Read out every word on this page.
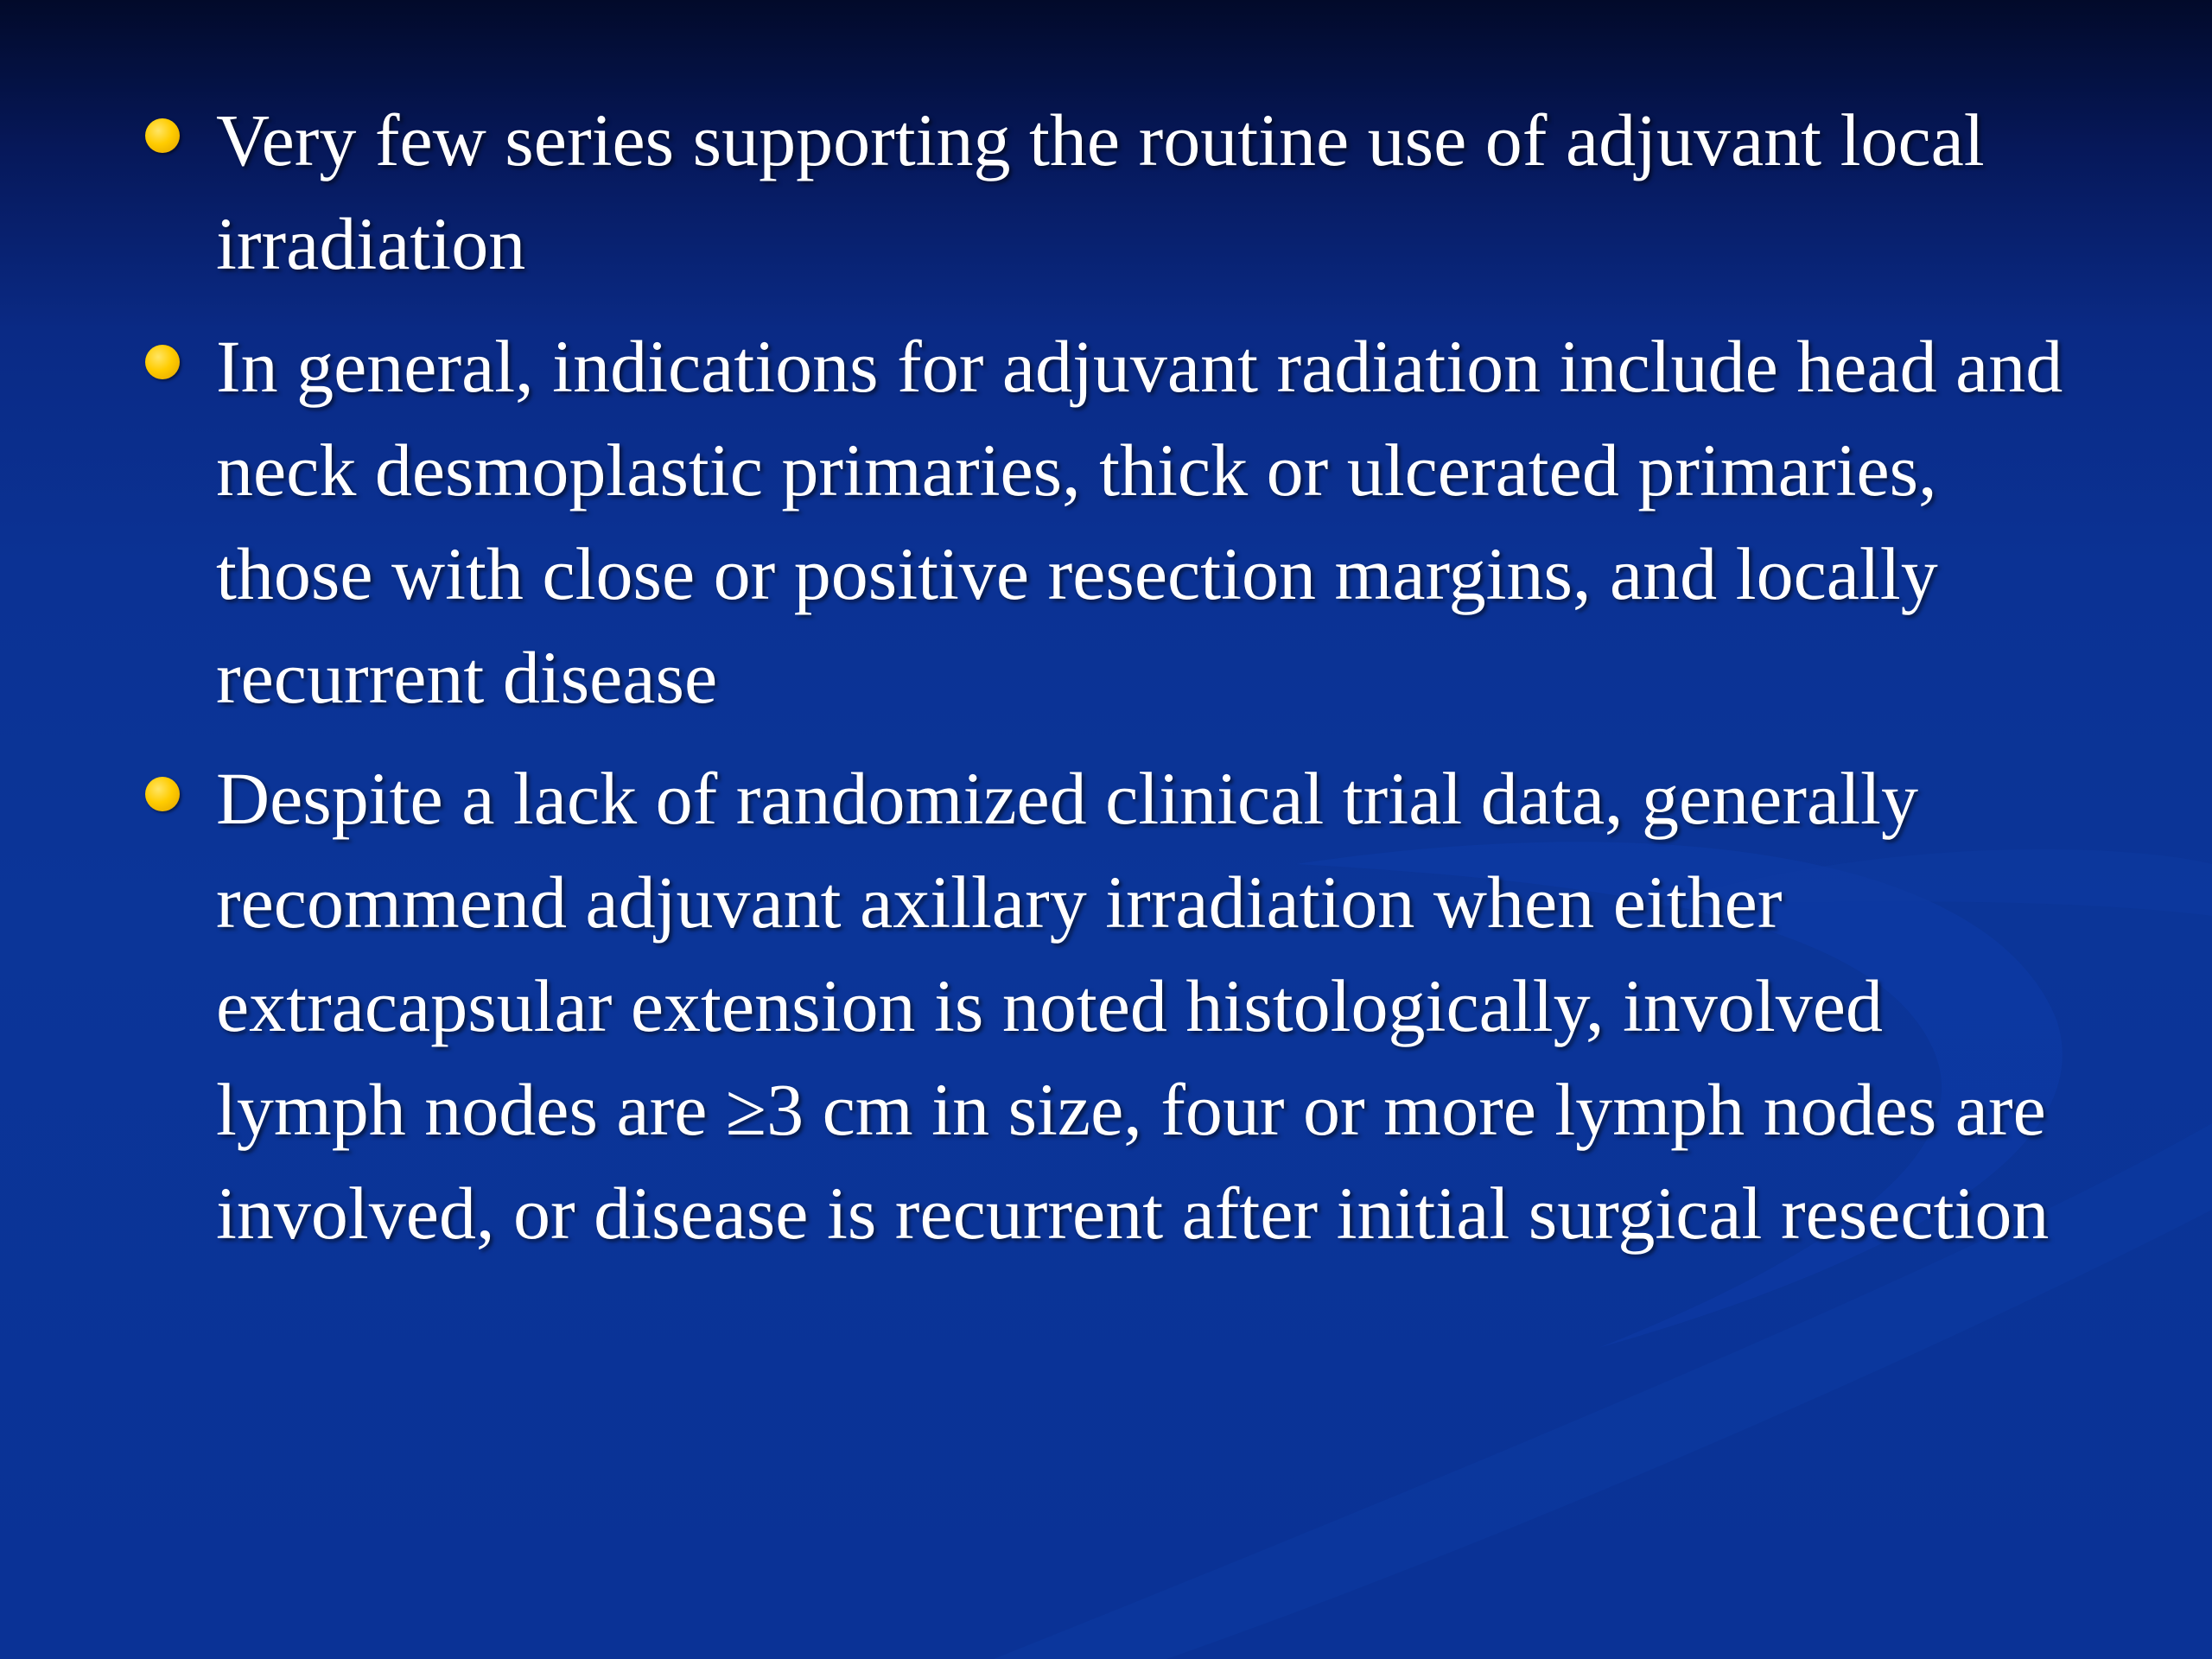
Very few series supporting the routine use of adjuvant local irradiation
In general, indications for adjuvant radiation include head and neck desmoplastic primaries, thick or ulcerated primaries, those with close or positive resection margins, and locally recurrent disease
Despite a lack of randomized clinical trial data, generally recommend adjuvant axillary irradiation when either extracapsular extension is noted histologically, involved lymph nodes are ≥3 cm in size, four or more lymph nodes are involved, or disease is recurrent after initial surgical resection
